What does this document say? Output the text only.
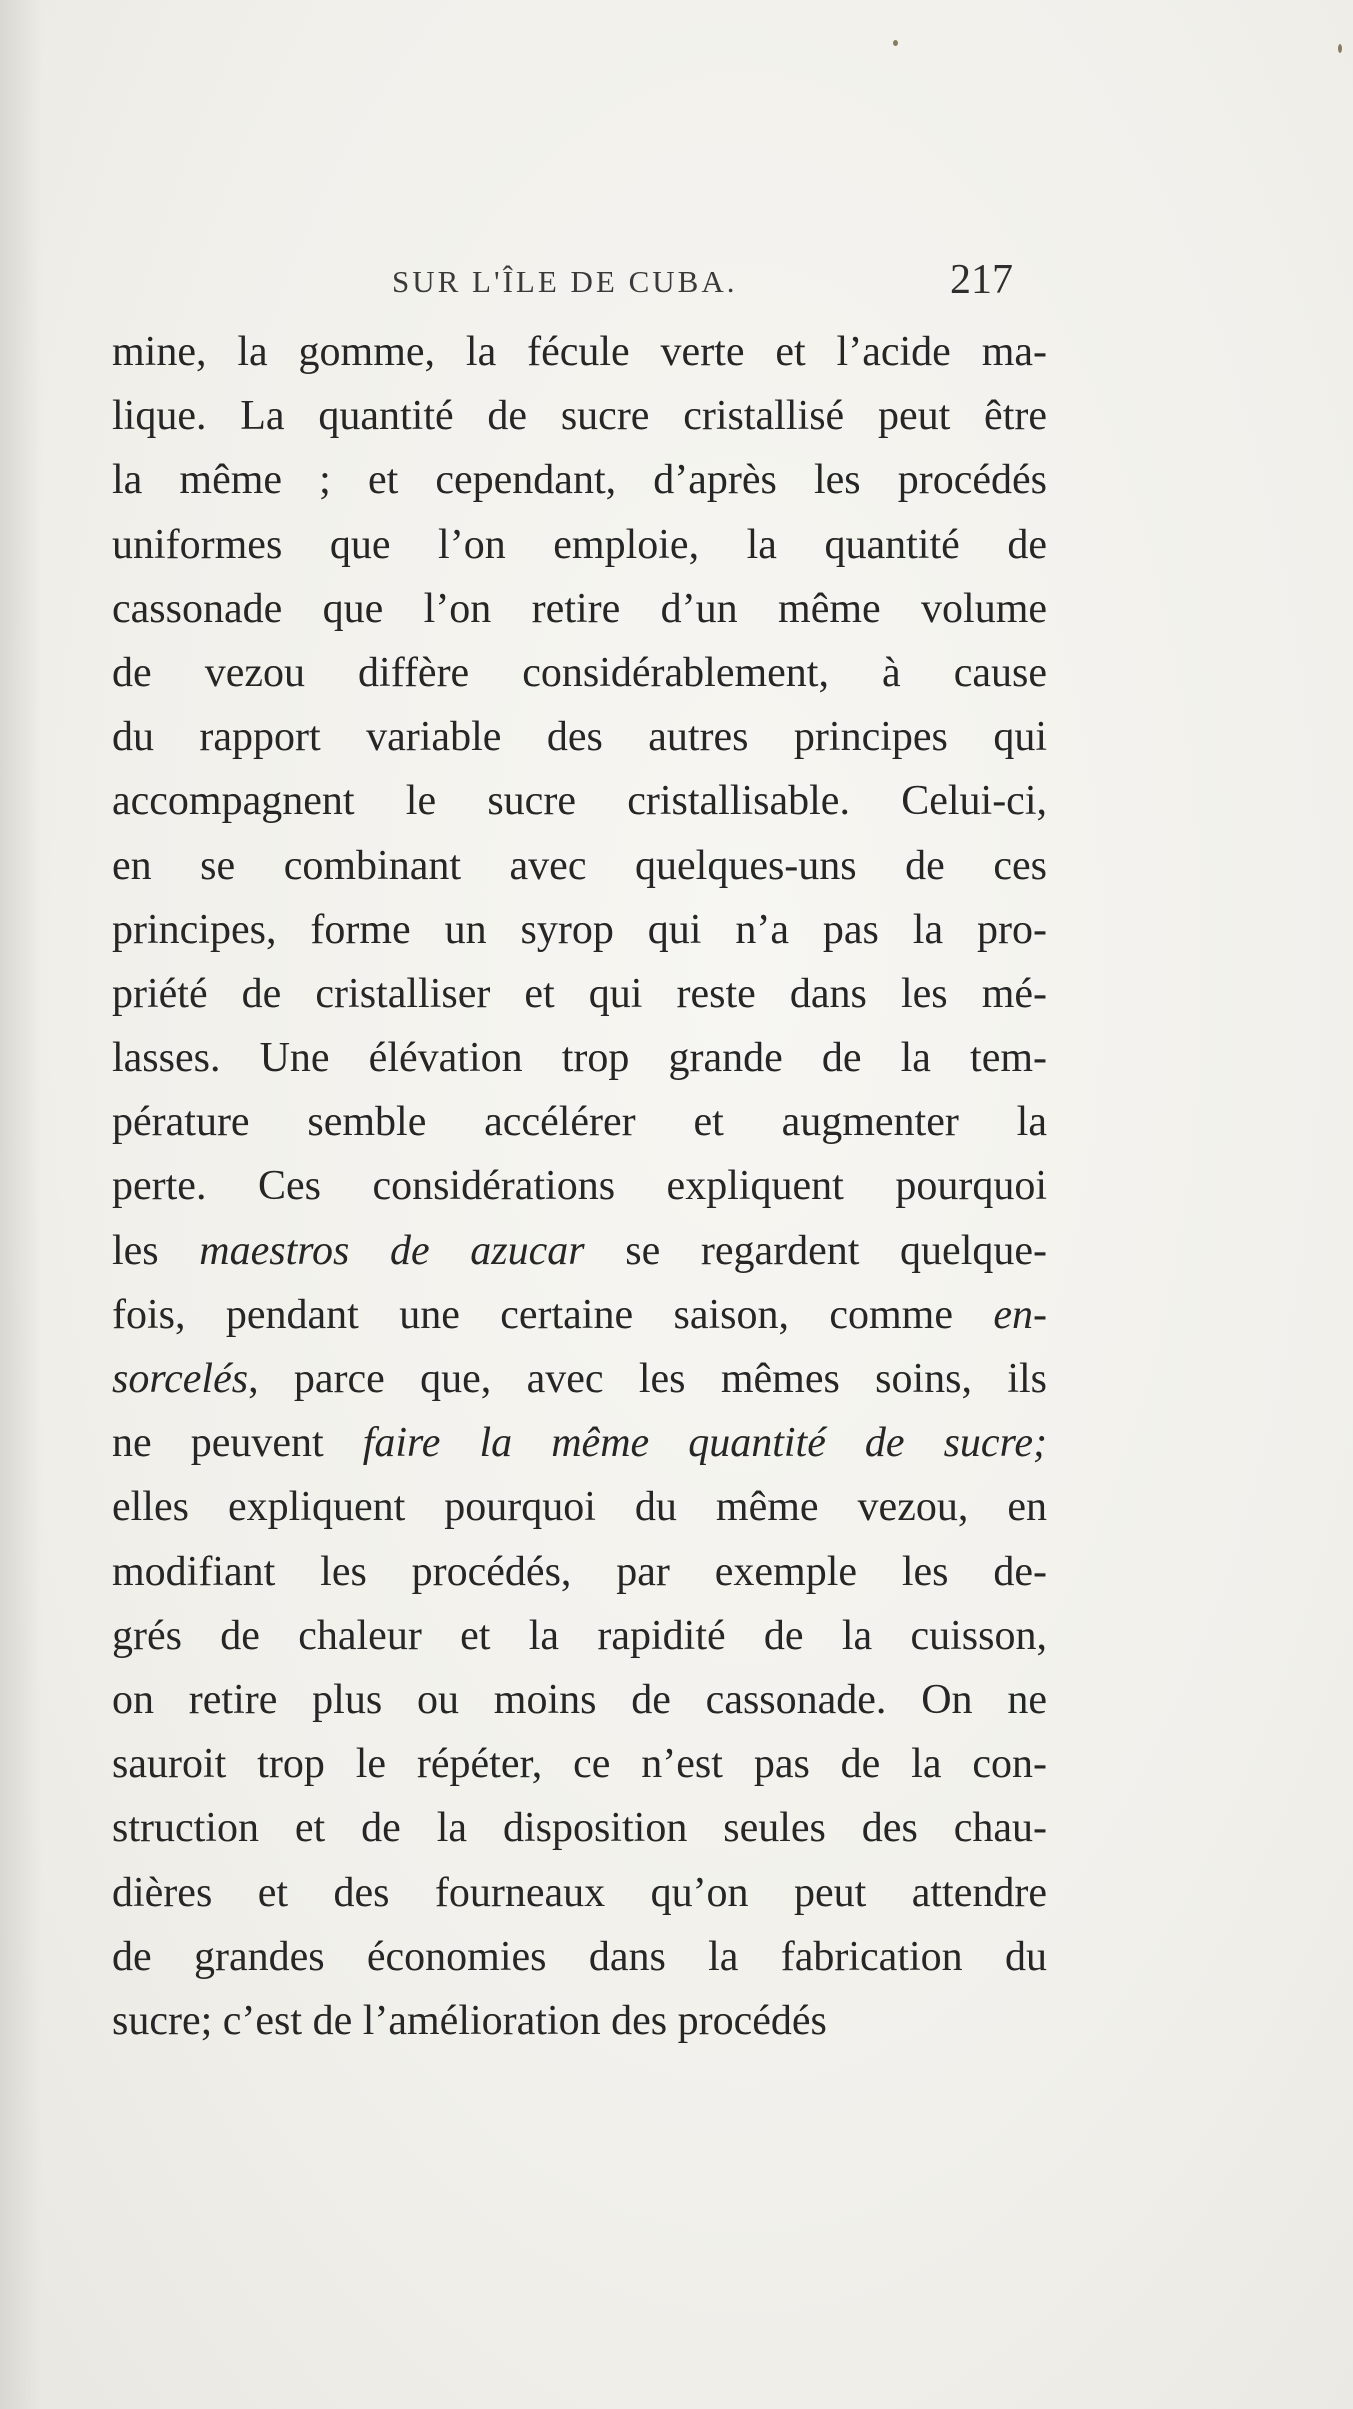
SUR L'ÎLE DE CUBA.	217
mine, la gomme, la fécule verte et l’acide ma-
lique. La quantité de sucre cristallisé peut être
la même ; et cependant, d’après les procédés
uniformes que l’on emploie, la quantité de
cassonade que l’on retire d’un même volume
de vezou diffère considérablement, à cause
du rapport variable des autres principes qui
accompagnent le sucre cristallisable. Celui-ci,
en se combinant avec quelques-uns de ces
principes, forme un syrop qui n’a pas la pro-
priété de cristalliser et qui reste dans les mé-
lasses. Une élévation trop grande de la tem-
pérature semble accélérer et augmenter la
perte. Ces considérations expliquent pourquoi
les maestros de azucar se regardent quelque-
fois, pendant une certaine saison, comme en-
sorcelés, parce que, avec les mêmes soins, ils
ne peuvent faire la même quantité de sucre;
elles expliquent pourquoi du même vezou, en
modifiant les procédés, par exemple les de-
grés de chaleur et la rapidité de la cuisson,
on retire plus ou moins de cassonade. On ne
sauroit trop le répéter, ce n’est pas de la con-
struction et de la disposition seules des chau-
dières et des fourneaux qu’on peut attendre
de grandes économies dans la fabrication du
sucre; c’est de l’amélioration des procédés
